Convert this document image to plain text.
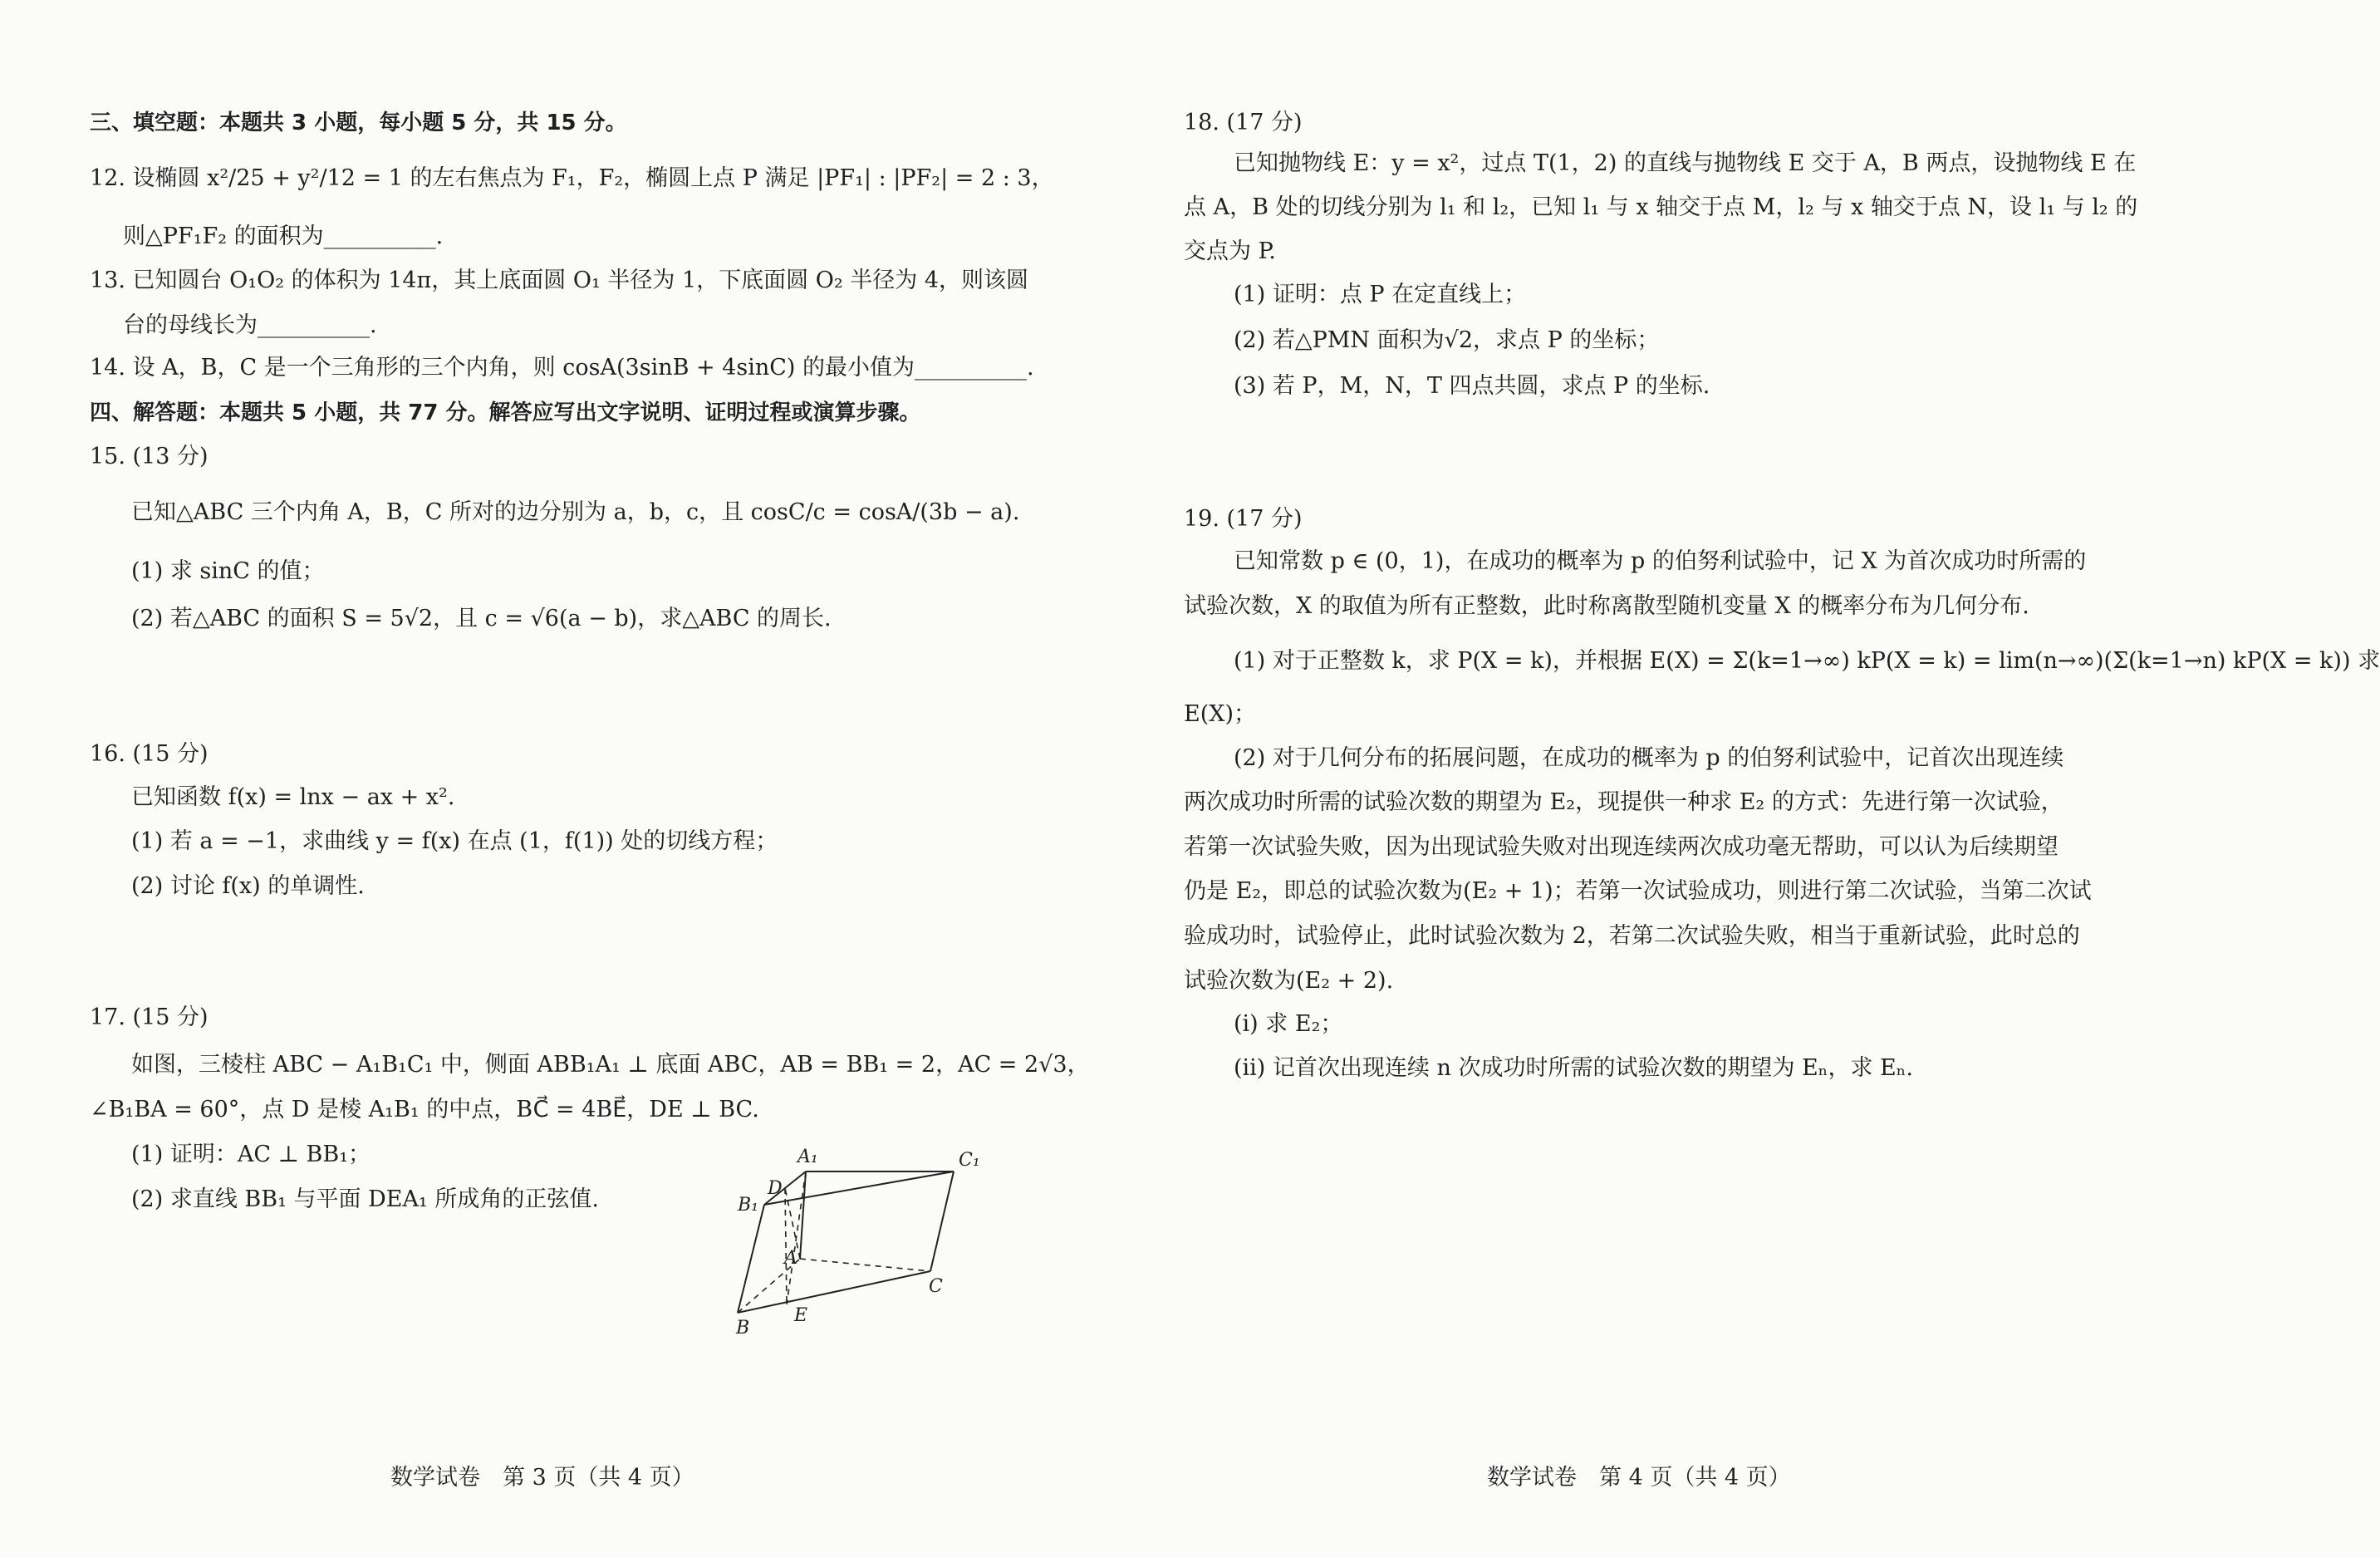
三、填空题：本题共 3 小题，每小题 5 分，共 15 分。
12. 设椭圆 x²/25 + y²/12 = 1 的左右焦点为 F₁，F₂，椭圆上点 P 满足 |PF₁| : |PF₂| = 2 : 3，
则△PF₁F₂ 的面积为__________.
13. 已知圆台 O₁O₂ 的体积为 14π，其上底面圆 O₁ 半径为 1，下底面圆 O₂ 半径为 4，则该圆
台的母线长为__________.
14. 设 A，B，C 是一个三角形的三个内角，则 cosA(3sinB + 4sinC) 的最小值为__________.
四、解答题：本题共 5 小题，共 77 分。解答应写出文字说明、证明过程或演算步骤。
15. (13 分)
已知△ABC 三个内角 A，B，C 所对的边分别为 a，b，c，且 cosC/c = cosA/(3b − a).
(1) 求 sinC 的值；
(2) 若△ABC 的面积 S = 5√2，且 c = √6(a − b)，求△ABC 的周长.
16. (15 分)
已知函数 f(x) = lnx − ax + x².
(1) 若 a = −1，求曲线 y = f(x) 在点 (1，f(1)) 处的切线方程；
(2) 讨论 f(x) 的单调性.
17. (15 分)
如图，三棱柱 ABC − A₁B₁C₁ 中，侧面 ABB₁A₁ ⊥ 底面 ABC，AB = BB₁ = 2，AC = 2√3，
∠B₁BA = 60°，点 D 是棱 A₁B₁ 的中点，BC⃗ = 4BE⃗，DE ⊥ BC.
(1) 证明：AC ⊥ BB₁；
(2) 求直线 BB₁ 与平面 DEA₁ 所成角的正弦值.
A₁	C₁
D
B₁
A
C
B
E
数学试卷　第 3 页（共 4 页）
18. (17 分)
已知抛物线 E：y = x²，过点 T(1，2) 的直线与抛物线 E 交于 A，B 两点，设抛物线 E 在
点 A，B 处的切线分别为 l₁ 和 l₂，已知 l₁ 与 x 轴交于点 M，l₂ 与 x 轴交于点 N，设 l₁ 与 l₂ 的
交点为 P.
(1) 证明：点 P 在定直线上；
(2) 若△PMN 面积为√2，求点 P 的坐标；
(3) 若 P，M，N，T 四点共圆，求点 P 的坐标.
19. (17 分)
已知常数 p ∈ (0，1)，在成功的概率为 p 的伯努利试验中，记 X 为首次成功时所需的
试验次数，X 的取值为所有正整数，此时称离散型随机变量 X 的概率分布为几何分布.
(1) 对于正整数 k，求 P(X = k)，并根据 E(X) = Σ(k=1→∞) kP(X = k) = lim(n→∞)(Σ(k=1→n) kP(X = k)) 求
E(X)；
(2) 对于几何分布的拓展问题，在成功的概率为 p 的伯努利试验中，记首次出现连续
两次成功时所需的试验次数的期望为 E₂，现提供一种求 E₂ 的方式：先进行第一次试验，
若第一次试验失败，因为出现试验失败对出现连续两次成功毫无帮助，可以认为后续期望
仍是 E₂，即总的试验次数为(E₂ + 1)；若第一次试验成功，则进行第二次试验，当第二次试
验成功时，试验停止，此时试验次数为 2，若第二次试验失败，相当于重新试验，此时总的
试验次数为(E₂ + 2).
(ⅰ) 求 E₂；
(ⅱ) 记首次出现连续 n 次成功时所需的试验次数的期望为 Eₙ，求 Eₙ.
数学试卷　第 4 页（共 4 页）
